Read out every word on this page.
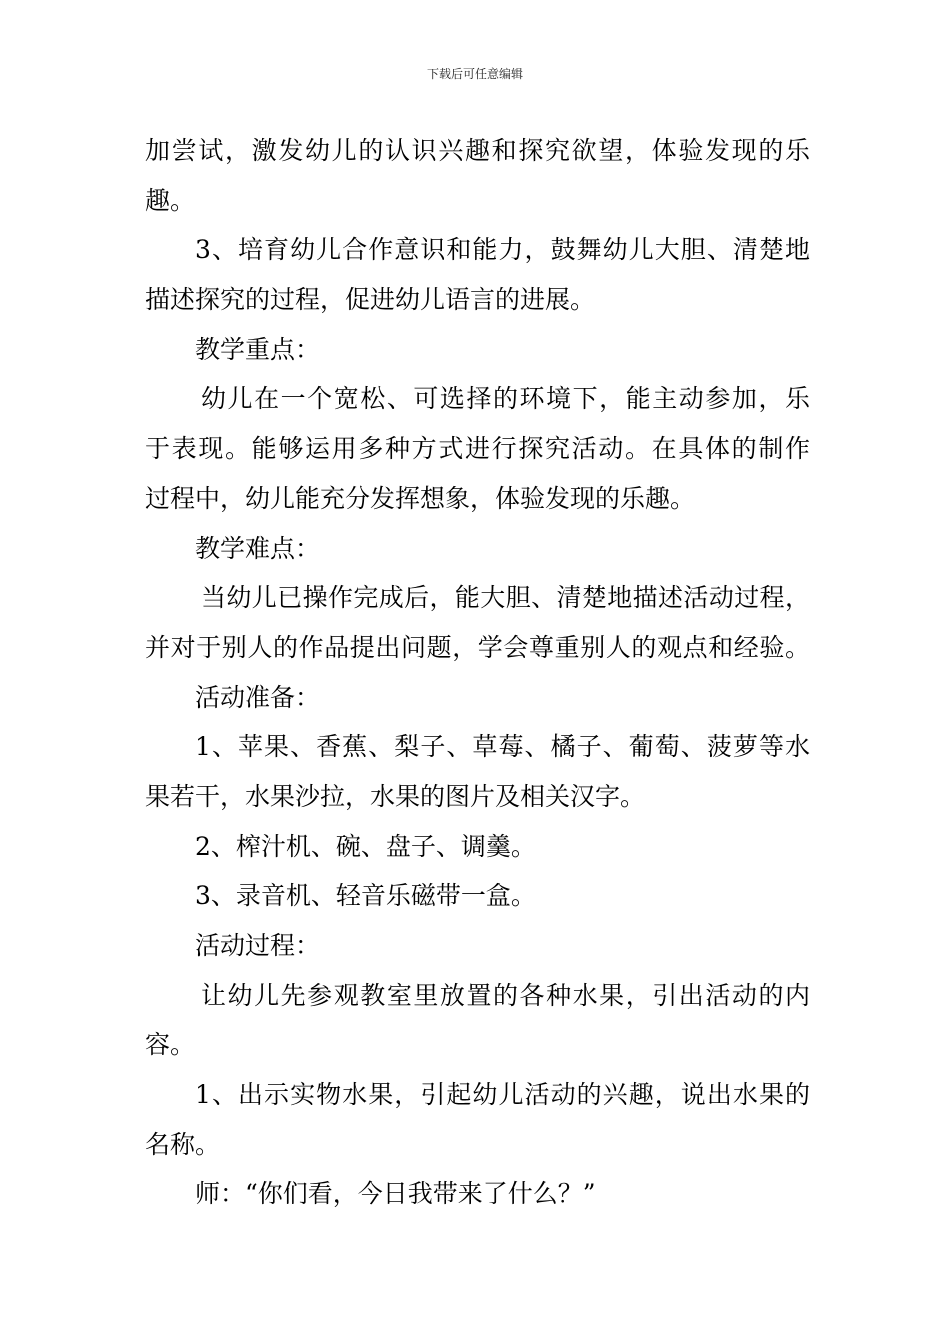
下载后可任意编辑
加尝试，激发幼儿的认识兴趣和探究欲望，体验发现的乐
趣。
3、培育幼儿合作意识和能力，鼓舞幼儿大胆、清楚地
描述探究的过程，促进幼儿语言的进展。
教学重点：
幼儿在一个宽松、可选择的环境下，能主动参加，乐
于表现。能够运用多种方式进行探究活动。在具体的制作
过程中，幼儿能充分发挥想象，体验发现的乐趣。
教学难点：
当幼儿已操作完成后，能大胆、清楚地描述活动过程，
并对于别人的作品提出问题，学会尊重别人的观点和经验。
活动准备：
1、苹果、香蕉、梨子、草莓、橘子、葡萄、菠萝等水
果若干，水果沙拉，水果的图片及相关汉字。
2、榨汁机、碗、盘子、调羹。
3、录音机、轻音乐磁带一盒。
活动过程：
让幼儿先参观教室里放置的各种水果，引出活动的内
容。
1、出示实物水果，引起幼儿活动的兴趣，说出水果的
名称。
师：“你们看，今日我带来了什么？”
